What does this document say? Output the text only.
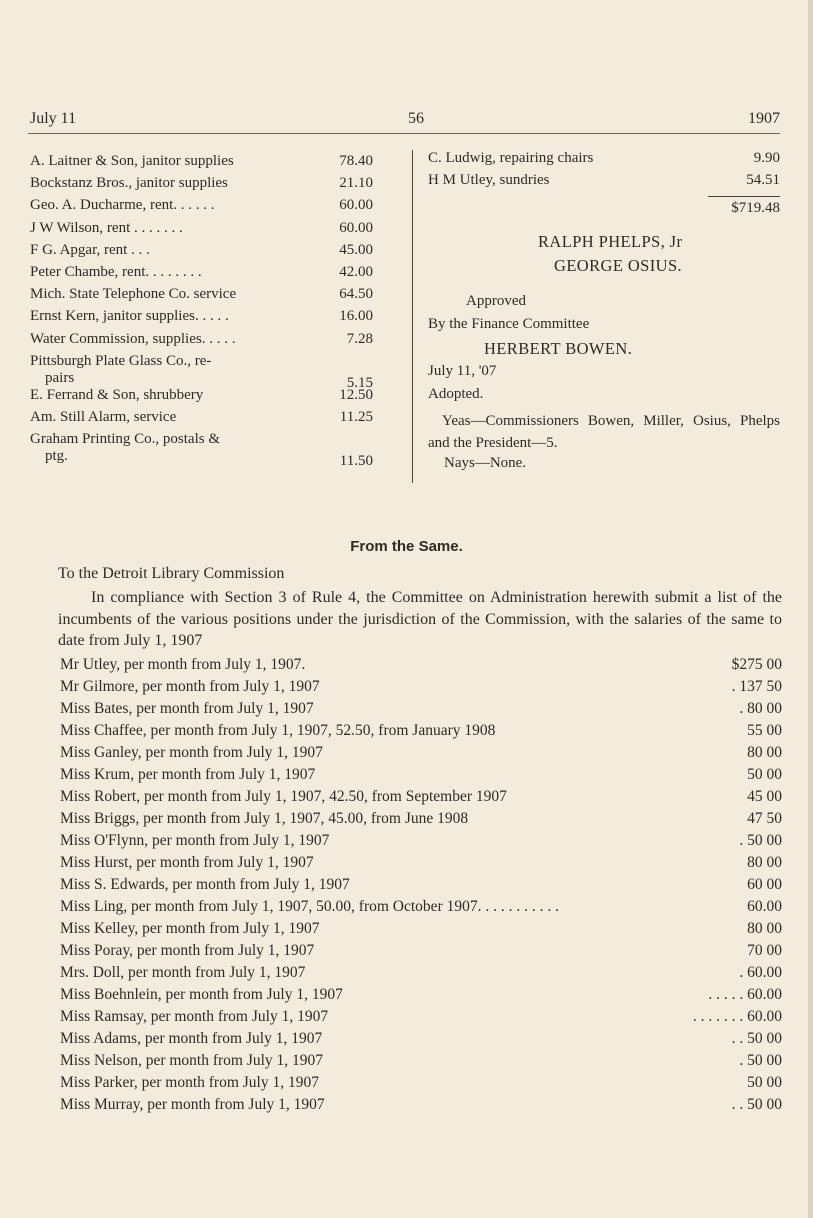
July 11	56	1907
A. Laitner & Son, janitor supplies	78.40
Bockstanz Bros., janitor supplies	21.10
Geo. A. Ducharme, rent. . . . . .	60.00
J W Wilson, rent . . . . . . .	60.00
F G. Apgar, rent . . .	45.00
Peter Chambe, rent. . . . . . . .	42.00
Mich. State Telephone Co. service	64.50
Ernst Kern, janitor supplies. . . . .	16.00
Water Commission, supplies. . . . .	7.28
Pittsburgh Plate Glass Co., re-
pairs	5.15
E. Ferrand & Son, shrubbery	12.50
Am. Still Alarm, service	11.25
Graham Printing Co., postals &
ptg.	11.50
C. Ludwig, repairing chairs	9.90
H M Utley, sundries	54.51
$719.48
RALPH PHELPS, Jr
GEORGE OSIUS.
Approved
By the Finance Committee
HERBERT BOWEN.
July 11, '07
Adopted.
Yeas—Commissioners Bowen, Miller, Osius, Phelps and the President—5.
Nays—None.
From the Same.
To the Detroit Library Commission
In compliance with Section 3 of Rule 4, the Committee on Administration herewith submit a list of the incumbents of the various positions under the jurisdiction of the Commission, with the salaries of the same to date from July 1, 1907
Mr Utley, per month from July 1, 1907.	$275 00
Mr Gilmore, per month from July 1, 1907	. 137 50
Miss Bates, per month from July 1, 1907	. 80 00
Miss Chaffee, per month from July 1, 1907, 52.50, from January 1908	55 00
Miss Ganley, per month from July 1, 1907	80 00
Miss Krum, per month from July 1, 1907	50 00
Miss Robert, per month from July 1, 1907, 42.50, from September 1907	45 00
Miss Briggs, per month from July 1, 1907, 45.00, from June 1908	47 50
Miss O'Flynn, per month from July 1, 1907	. 50 00
Miss Hurst, per month from July 1, 1907	80 00
Miss S. Edwards, per month from July 1, 1907	60 00
Miss Ling, per month from July 1, 1907, 50.00, from October 1907. . . . . . . . . . .	60.00
Miss Kelley, per month from July 1, 1907	80 00
Miss Poray, per month from July 1, 1907	70 00
Mrs. Doll, per month from July 1, 1907	. 60.00
Miss Boehnlein, per month from July 1, 1907	. . . . . 60.00
Miss Ramsay, per month from July 1, 1907	. . . . . . . 60.00
Miss Adams, per month from July 1, 1907	. . 50 00
Miss Nelson, per month from July 1, 1907	. 50 00
Miss Parker, per month from July 1, 1907	50 00
Miss Murray, per month from July 1, 1907	. . 50 00
